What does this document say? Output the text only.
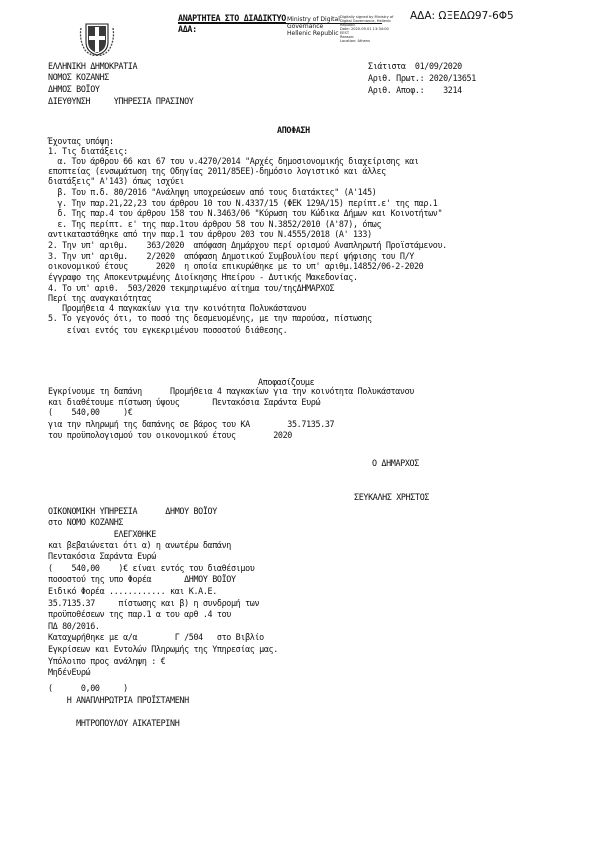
ΑΝΑΡΤΗΤΕΑ ΣΤΟ ΔΙΑΔΙΚΤΥΟ
ΑΔΑ:
Ministry of Digital
Governance
Hellenic Republic
Digitally signed by Ministry of
Digital Governance, Hellenic
Republic
Date: 2020.09.01 13:34:00
EEST
Reason:
Location: Athens
ΑΔΑ: ΩΞΕΔΩ97-6Φ5
ΕΛΛΗΝΙΚΗ ΔΗΜΟΚΡΑΤΙΑ
ΝΟΜΟΣ ΚΟΖΑΝΗΣ
ΔΗΜΟΣ ΒΟΪΟΥ
ΔΙΕΥΘΥΝΣΗ     ΥΠΗΡΕΣΙΑ ΠΡΑΣΙΝΟΥ
Σιάτιστα  01/09/2020
Αριθ. Πρωτ.: 2020/13651
Αριθ. Αποφ.:    3214
ΑΠΟΦΑΣΗ
Έχοντας υπόψη:
1. Τις διατάξεις:
α. Του άρθρου 66 και 67 του ν.4270/2014 "Αρχές δημοσιονομικής διαχείρισης και
εποπτείας (ενσωμάτωση της Οδηγίας 2011/85ΕΕ)-δημόσιο λογιστικό και άλλες
διατάξεις" Α'143) όπως ισχύει
β. Του π.δ. 80/2016 "Ανάληψη υποχρεώσεων από τους διατάκτες" (Α'145)
γ. Την παρ.21,22,23 του άρθρου 10 του Ν.4337/15 (ΦΕΚ 129Α/15) περίπτ.ε' της παρ.1
δ. Της παρ.4 του άρθρου 158 του Ν.3463/06 "Κύρωση του Κώδικα Δήμων και Κοινοτήτων"
ε. Της περίπτ. ε' της παρ.1του άρθρου 58 του Ν.3852/2010 (Α'87), όπως
αντικαταστάθηκε από την παρ.1 του άρθρου 203 του Ν.4555/2018 (Α' 133)
2. Την υπ' αριθμ.    363/2020  απόφαση Δημάρχου περί ορισμού Αναπληρωτή Προϊστάμενου.
3. Την υπ' αριθμ.    2/2020  απόφαση Δημοτικού Συμβουλίου περί ψήφισης του Π/Υ
οικονομικού έτους      2020  η οποία επικυρώθηκε με το υπ' αριθμ.14852/06-2-2020
έγγραφο της Αποκεντρωμένης Διοίκησης Ηπείρου - Δυτικής Μακεδονίας.
4. Το υπ' αριθ.  503/2020 τεκμηριωμένο αίτημα του/τηςΔΗΜΑΡΧΟΣ
Περί της αναγκαιότητας
Προμήθεια 4 παγκακίων για την κοινότητα Πολυκάστανου
5. Το γεγονός ότι, το ποσό της δεσμευομένης, με την παρούσα, πίστωσης
είναι εντός του εγκεκριμένου ποσοστού διάθεσης.
Αποφασίζουμε
Εγκρίνουμε τη δαπάνη      Προμήθεια 4 παγκακίων για την κοινότητα Πολυκάστανου
και διαθέτουμε πίστωση ύψους       Πεντακόσια Σαράντα Ευρώ
(    540,00     )€
για την πληρωμή της δαπάνης σε βάρος του ΚΑ        35.7135.37
του προϋπολογισμού του οικονομικού έτους        2020
Ο ΔΗΜΑΡΧΟΣ
ΣΕΥΚΑΛΗΣ ΧΡΗΣΤΟΣ
ΟΙΚΟΝΟΜΙΚΗ ΥΠΗΡΕΣΙΑ      ΔΗΜΟΥ ΒΟΪΟΥ
στο ΝΟΜΟ ΚΟΖΑΝΗΣ
ΕΛΕΓΧΘΗΚΕ
και βεβαιώνεται ότι α) η ανωτέρω δαπάνη
Πεντακόσια Σαράντα Ευρώ
(    540,00    )€ είναι εντός του διαθέσιμου
ποσοστού της υπο Φορέα       ΔΗΜΟΥ ΒΟΪΟΥ
Ειδικό Φορέα ............ και Κ.Α.Ε.
35.7135.37     πίστωσης και β) η συνδρομή των
προϋποθέσεων της παρ.1 α του αρθ .4 του
ΠΔ 80/2016.
Καταχωρήθηκε με α/α        Γ /504   στο Βιβλίο
Εγκρίσεων και Εντολών Πληρωμής της Υπηρεσίας μας.
Υπόλοιπο προς ανάληψη : €
ΜηδένΕυρώ
(      0,00     )
Η ΑΝΑΠΛΗΡΩΤΡΙΑ ΠΡΟΪΣΤΑΜΕΝΗ
ΜΗΤΡΟΠΟΥΛΟΥ ΑΙΚΑΤΕΡΙΝΗ
